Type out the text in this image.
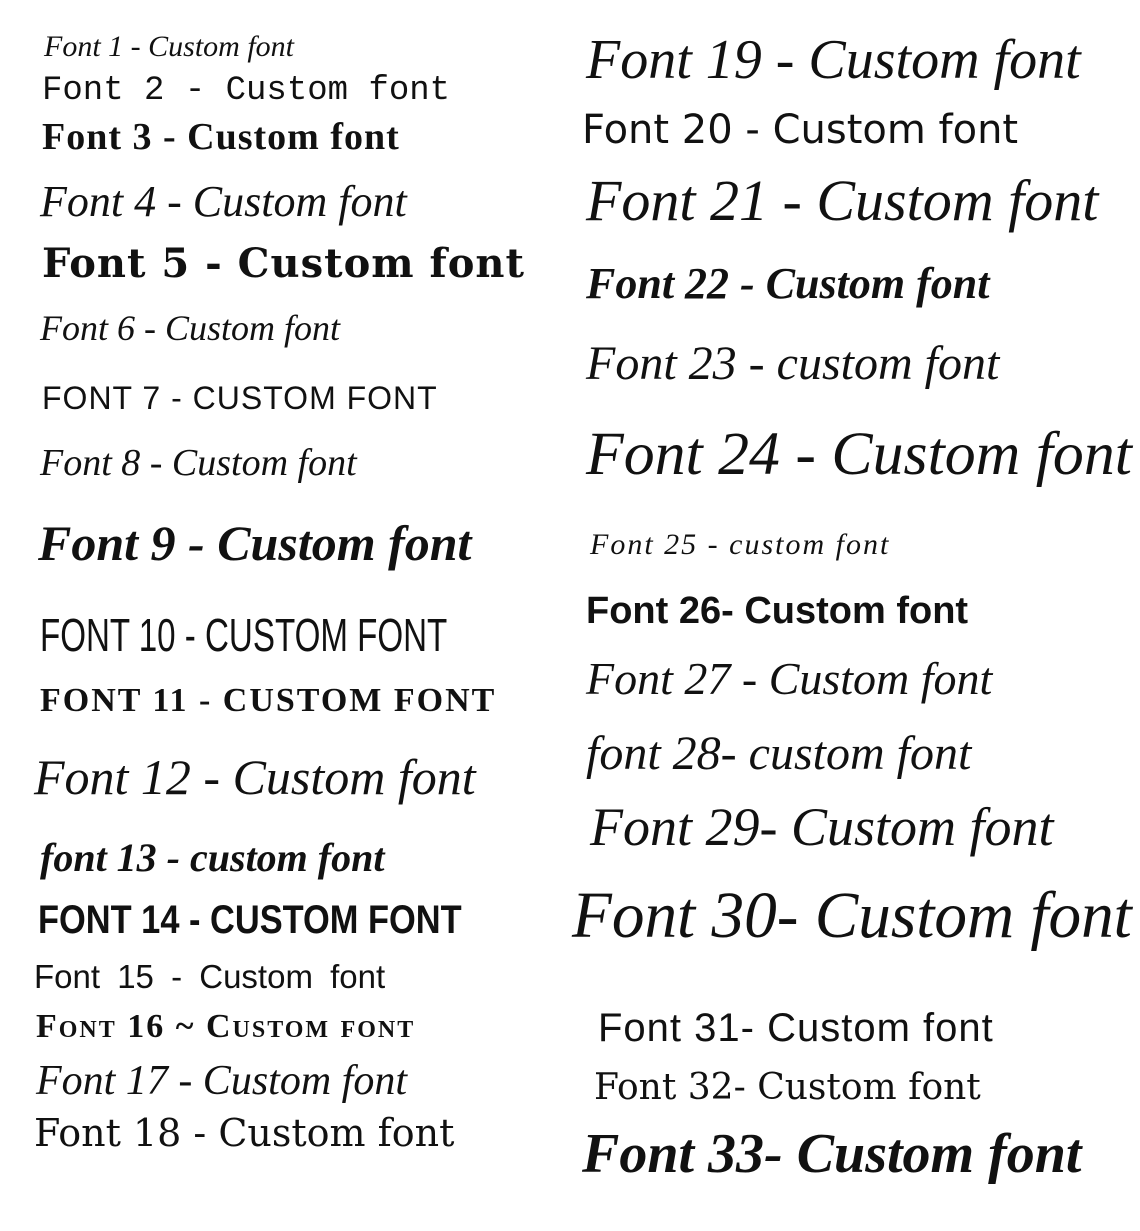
Font 1 - Custom font

Font 2 - Custom font

Font 3 - Custom font

Font 4 - Custom font

Font 5 - Custom font

Font 6 - Custom font

FONT 7 - CUSTOM FONT

Font 8 - Custom font

Font 9 - Custom font

FONT 10 - CUSTOM FONT

FONT 11 - CUSTOM FONT

Font 12 - Custom font

font 13 - custom font

FONT 14 - CUSTOM FONT

Font 15 - Custom font

Font 16 ~ Custom font

Font 17 - Custom font

Font 18 - Custom font

Font 19 - Custom font

Font 20 - Custom font

Font 21 - Custom font

Font 22 - Custom font

Font 23 - custom font

Font 24 - Custom font

Font 25 - custom font

Font 26- Custom font

Font 27 - Custom font

font 28- custom font

Font 29- Custom font

Font 30- Custom font

Font 31- Custom font

Font 32- Custom font

Font 33- Custom font
